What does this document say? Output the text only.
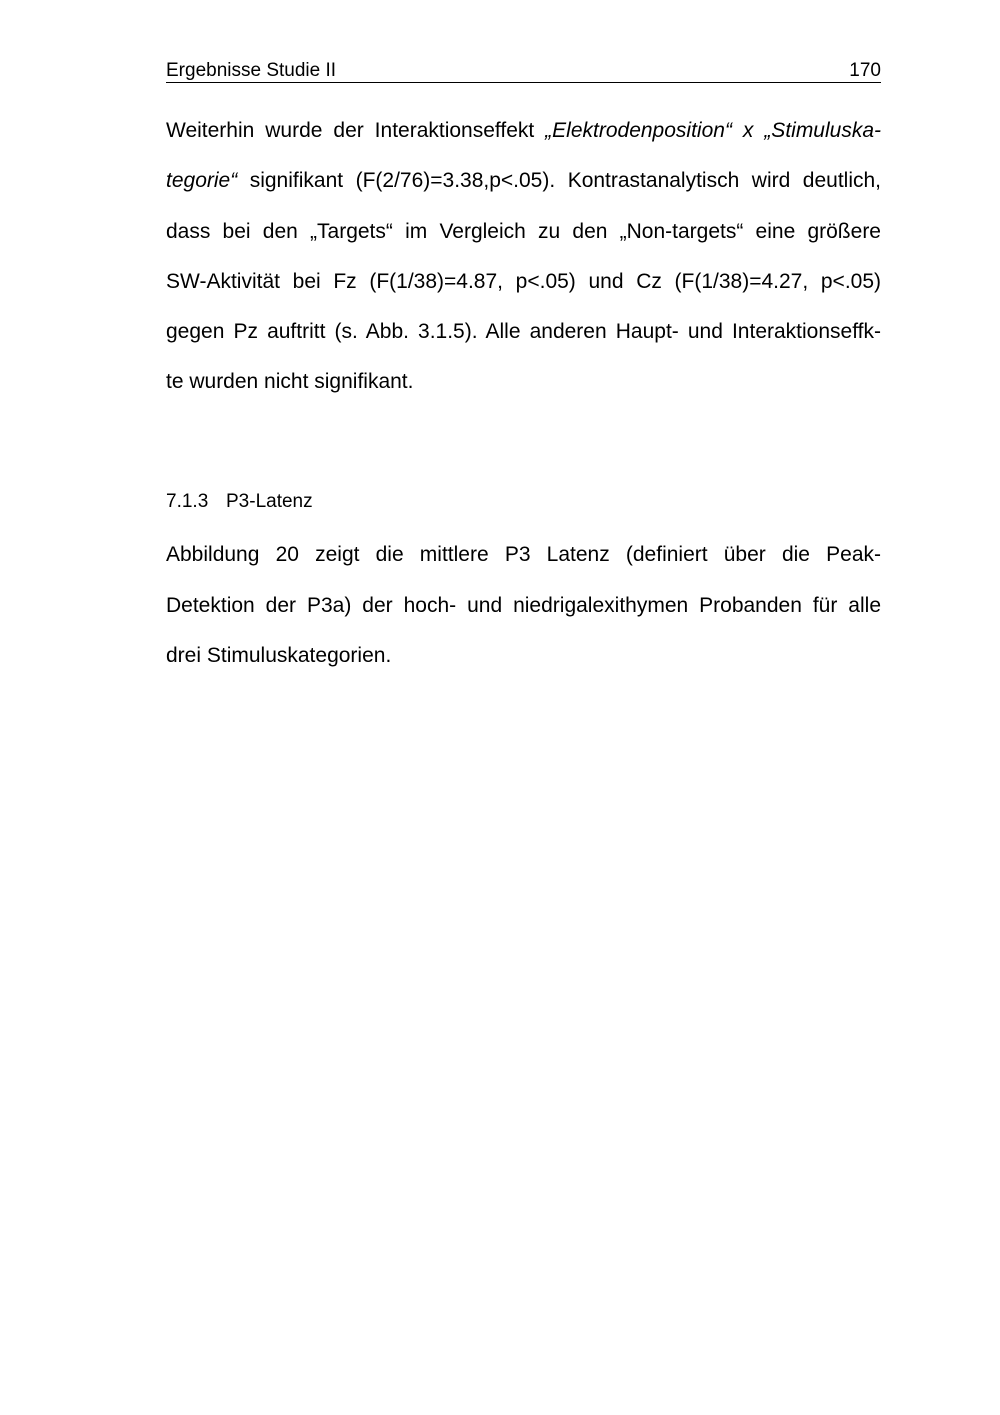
Ergebnisse Studie II	170
Weiterhin wurde der Interaktionseffekt „Elektrodenposition“ x „Stimuluska-
tegorie“ signifikant (F(2/76)=3.38,p<.05). Kontrastanalytisch wird deutlich,
dass bei den „Targets“ im Vergleich zu den „Non-targets“ eine größere
SW-Aktivität bei Fz (F(1/38)=4.87, p<.05) und Cz (F(1/38)=4.27, p<.05)
gegen Pz auftritt (s. Abb. 3.1.5). Alle anderen Haupt- und Interaktionseffk-
te wurden nicht signifikant.
7.1.3 P3-Latenz
Abbildung 20 zeigt die mittlere P3 Latenz (definiert über die Peak-
Detektion der P3a) der hoch- und niedrigalexithymen Probanden für alle
drei Stimuluskategorien.
